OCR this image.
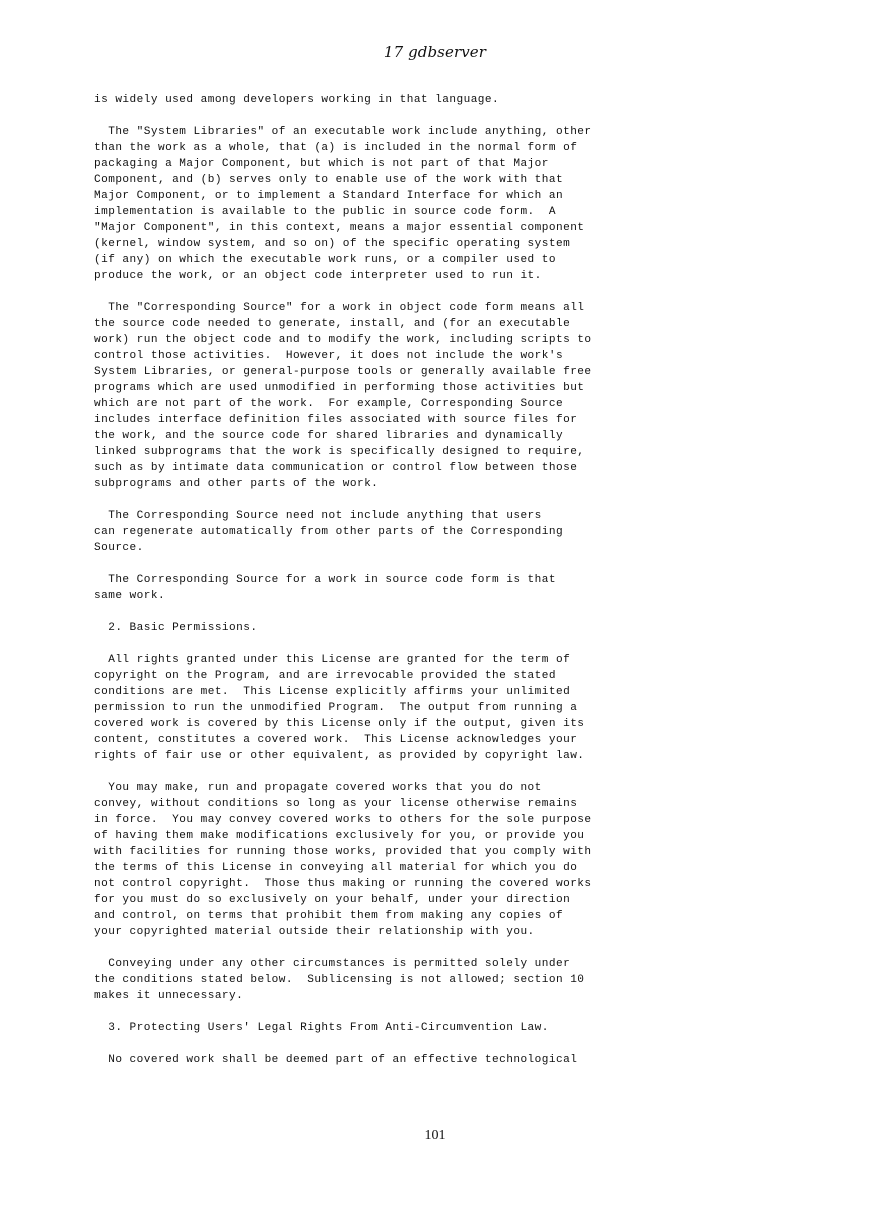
17 gdbserver
is widely used among developers working in that language.

The "System Libraries" of an executable work include anything, other
than the work as a whole, that (a) is included in the normal form of
packaging a Major Component, but which is not part of that Major
Component, and (b) serves only to enable use of the work with that
Major Component, or to implement a Standard Interface for which an
implementation is available to the public in source code form.  A
"Major Component", in this context, means a major essential component
(kernel, window system, and so on) of the specific operating system
(if any) on which the executable work runs, or a compiler used to
produce the work, or an object code interpreter used to run it.

The "Corresponding Source" for a work in object code form means all
the source code needed to generate, install, and (for an executable
work) run the object code and to modify the work, including scripts to
control those activities.  However, it does not include the work's
System Libraries, or general-purpose tools or generally available free
programs which are used unmodified in performing those activities but
which are not part of the work.  For example, Corresponding Source
includes interface definition files associated with source files for
the work, and the source code for shared libraries and dynamically
linked subprograms that the work is specifically designed to require,
such as by intimate data communication or control flow between those
subprograms and other parts of the work.

The Corresponding Source need not include anything that users
can regenerate automatically from other parts of the Corresponding
Source.

The Corresponding Source for a work in source code form is that
same work.

2. Basic Permissions.

All rights granted under this License are granted for the term of
copyright on the Program, and are irrevocable provided the stated
conditions are met.  This License explicitly affirms your unlimited
permission to run the unmodified Program.  The output from running a
covered work is covered by this License only if the output, given its
content, constitutes a covered work.  This License acknowledges your
rights of fair use or other equivalent, as provided by copyright law.

You may make, run and propagate covered works that you do not
convey, without conditions so long as your license otherwise remains
in force.  You may convey covered works to others for the sole purpose
of having them make modifications exclusively for you, or provide you
with facilities for running those works, provided that you comply with
the terms of this License in conveying all material for which you do
not control copyright.  Those thus making or running the covered works
for you must do so exclusively on your behalf, under your direction
and control, on terms that prohibit them from making any copies of
your copyrighted material outside their relationship with you.

Conveying under any other circumstances is permitted solely under
the conditions stated below.  Sublicensing is not allowed; section 10
makes it unnecessary.

3. Protecting Users' Legal Rights From Anti-Circumvention Law.

No covered work shall be deemed part of an effective technological
101
